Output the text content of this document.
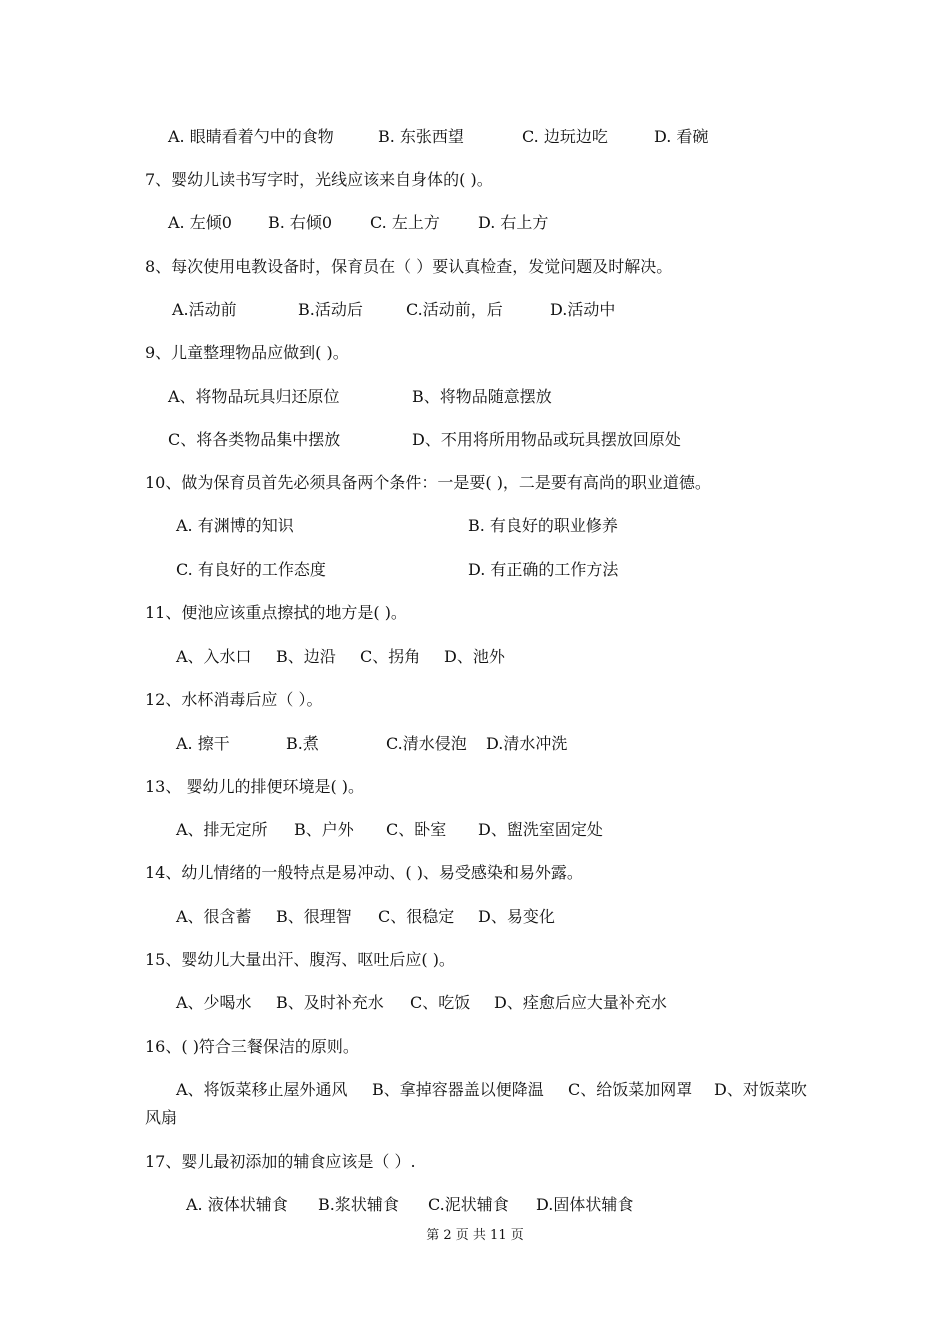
A. 眼睛看着勺中的食物	B. 东张西望	C. 边玩边吃	D. 看碗
7、婴幼儿读书写字时，光线应该来自身体的( )。
A. 左倾0 B. 右倾0 C. 左上方 D. 右上方
8、每次使用电教设备时，保育员在（ ）要认真检查，发觉问题及时解决。
A.活动前	B.活动后	C.活动前，后	D.活动中
9、儿童整理物品应做到( )。
A、将物品玩具归还原位	B、将物品随意摆放
C、将各类物品集中摆放	D、不用将所用物品或玩具摆放回原处
10、做为保育员首先必须具备两个条件：一是要( )，二是要有高尚的职业道德。
A. 有渊博的知识	B. 有良好的职业修养
C. 有良好的工作态度	D. 有正确的工作方法
11、便池应该重点擦拭的地方是( )。
A、入水口 B、边沿 C、拐角 D、池外
12、水杯消毒后应（ ）。
A. 擦干	B.煮	C.清水侵泡 D.清水冲洗
13、 婴幼儿的排便环境是( )。
A、排无定所 B、户外 C、卧室 D、盥洗室固定处
14、幼儿情绪的一般特点是易冲动、( )、易受感染和易外露。
A、很含蓄 B、很理智 C、很稳定 D、易变化
15、婴幼儿大量出汗、腹泻、呕吐后应( )。
A、少喝水 B、及时补充水 C、吃饭 D、痊愈后应大量补充水
16、( )符合三餐保洁的原则。
A、将饭菜移止屋外通风 B、拿掉容器盖以便降温 C、给饭菜加网罩 D、对饭菜吹
风扇
17、婴儿最初添加的辅食应该是（ ）.
A. 液体状辅食 B.浆状辅食 C.泥状辅食 D.固体状辅食
第 2 页 共 11 页
